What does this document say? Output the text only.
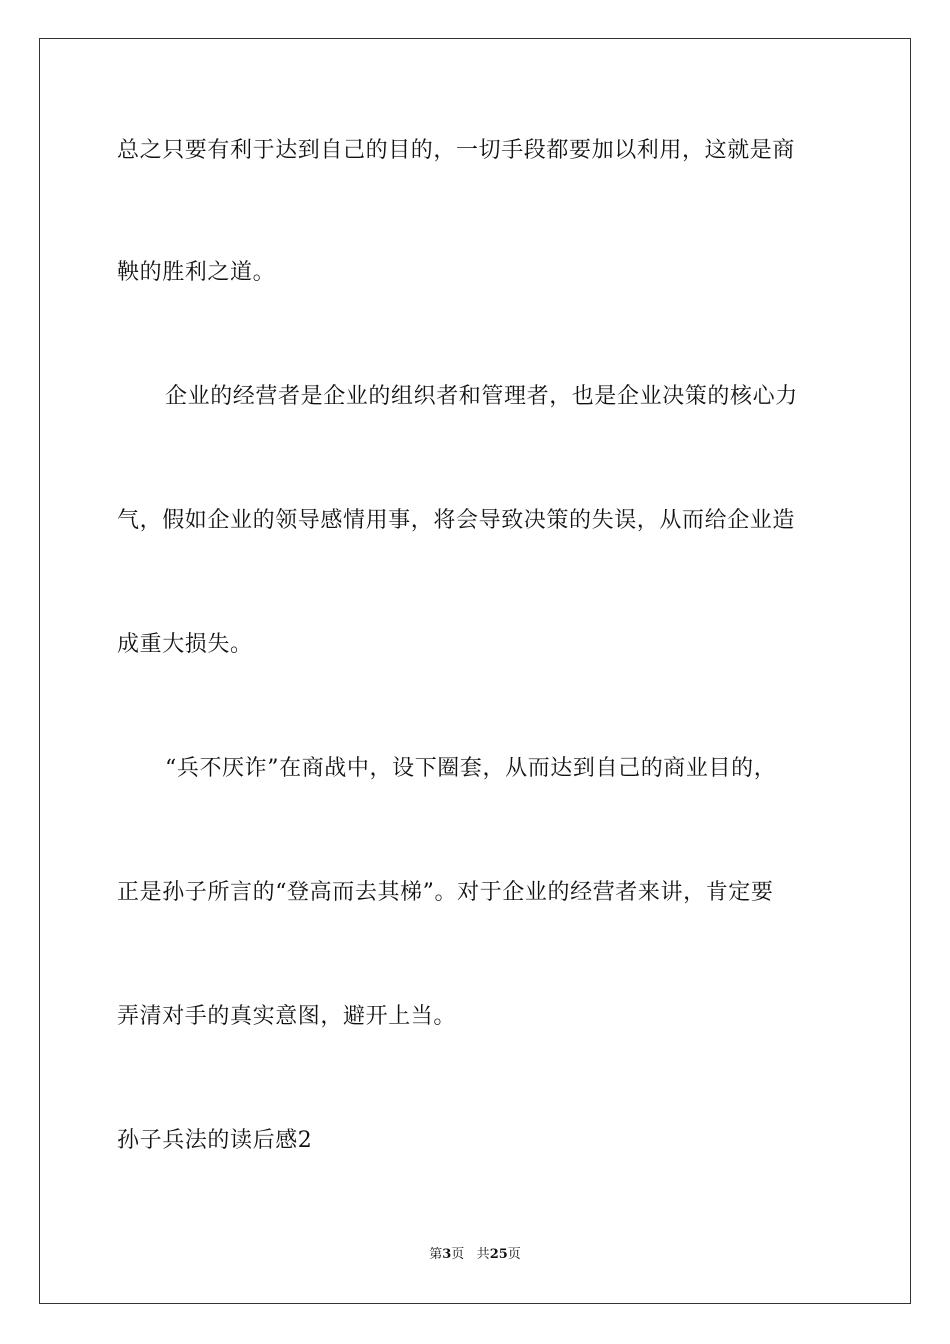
总之只要有利于达到自己的目的，一切手段都要加以利用，这就是商
鞅的胜利之道。
企业的经营者是企业的组织者和管理者，也是企业决策的核心力
气，假如企业的领导感情用事，将会导致决策的失误，从而给企业造
成重大损失。
“兵不厌诈”在商战中，设下圈套，从而达到自己的商业目的，
正是孙子所言的“登高而去其梯”。对于企业的经营者来讲，肯定要
弄清对手的真实意图，避开上当。
孙子兵法的读后感2
第3页 共25页
